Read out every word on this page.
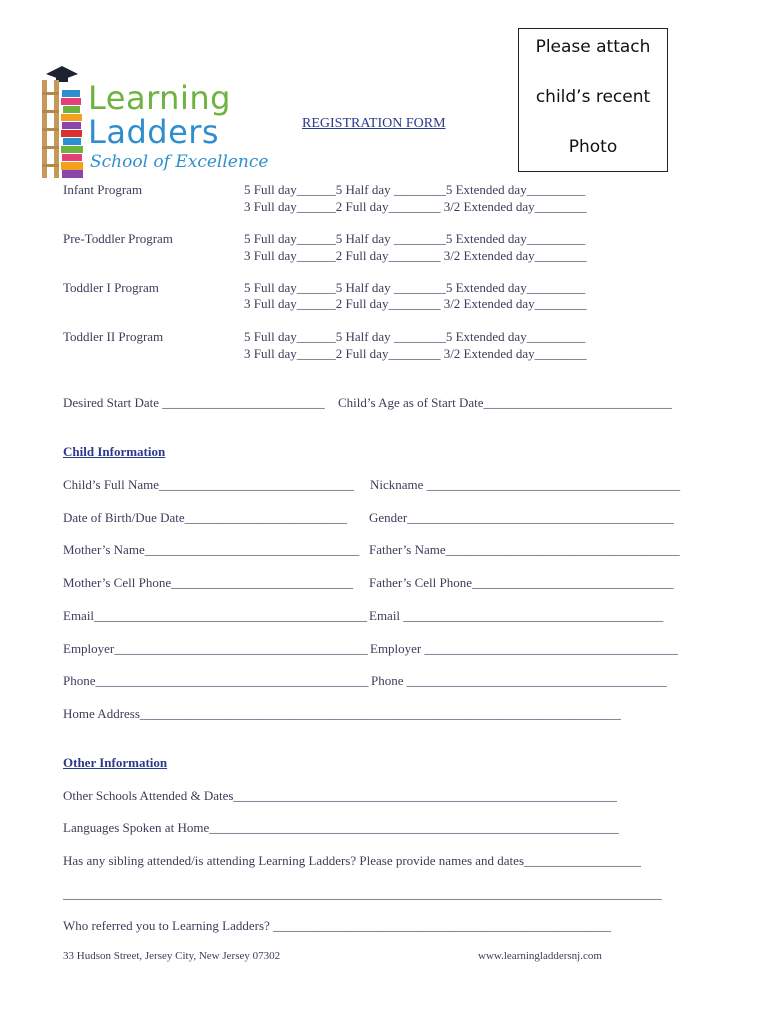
Learning
Ladders
School of Excellence
REGISTRATION FORM
Please attach
child’s recent
Photo
Infant Program	5 Full day______5 Half day ________5 Extended day_________
3 Full day______2 Full day________ 3/2 Extended day________
Pre-Toddler Program	5 Full day______5 Half day ________5 Extended day_________
3 Full day______2 Full day________ 3/2 Extended day________
Toddler I Program	5 Full day______5 Half day ________5 Extended day_________
3 Full day______2 Full day________ 3/2 Extended day________
Toddler II Program	5 Full day______5 Half day ________5 Extended day_________
3 Full day______2 Full day________ 3/2 Extended day________
Desired Start Date _________________________ Child’s Age as of Start Date_____________________________
Child Information
Child’s Full Name______________________________ Nickname _______________________________________
Date of Birth/Due Date_________________________ Gender_________________________________________
Mother’s Name_________________________________ Father’s Name____________________________________
Mother’s Cell Phone____________________________ Father’s Cell Phone_______________________________
Email__________________________________________ Email ________________________________________
Employer_______________________________________ Employer _______________________________________
Phone__________________________________________ Phone ________________________________________
Home Address__________________________________________________________________________
Other Information
Other Schools Attended & Dates___________________________________________________________
Languages Spoken at Home_______________________________________________________________
Has any sibling attended/is attending Learning Ladders? Please provide names and dates__________________
_______________________________________________________________________________________________
Who referred you to Learning Ladders? ____________________________________________________
33 Hudson Street, Jersey City, New Jersey 07302	www.learningladdersnj.com
